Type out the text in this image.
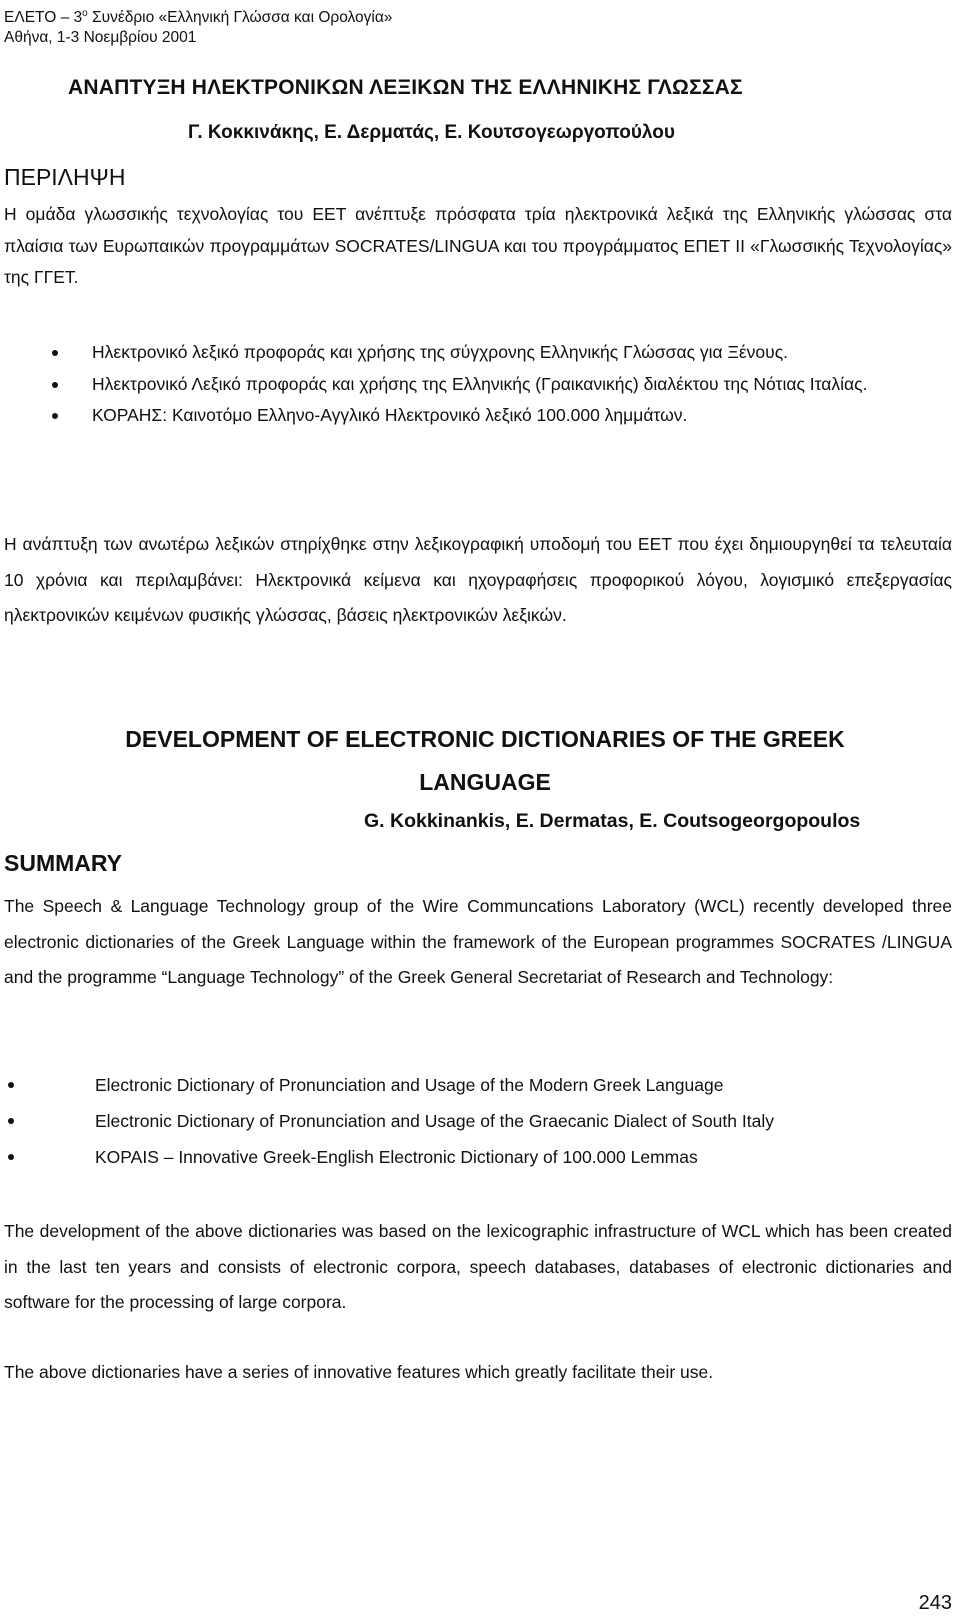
ΕΛΕΤΟ – $3^o$ Συνέδριο «Ελληνική Γλώσσα και Ορολογία»
Αθήνα, 1-3 Νοεμβρίου 2001
ΑΝΑΠΤΥΞΗ ΗΛΕΚΤΡΟΝΙΚΩΝ ΛΕΞΙΚΩΝ ΤΗΣ ΕΛΛΗΝΙΚΗΣ ΓΛΩΣΣΑΣ
Γ. Κοκκινάκης, Ε. Δερματάς, Ε. Κουτσογεωργοπούλου
ΠΕΡΙΛΗΨΗ
Η ομάδα γλωσσικής τεχνολογίας του ΕΕΤ ανέπτυξε πρόσφατα τρία ηλεκτρονικά λεξικά της Ελληνικής γλώσσας στα πλαίσια των Ευρωπαικών προγραμμάτων SOCRATES/LINGUA και του προγράμματος ΕΠΕΤ ΙΙ «Γλωσσικής Τεχνολογίας» της ΓΓΕΤ.
Ηλεκτρονικό λεξικό προφοράς και χρήσης της σύγχρονης Ελληνικής Γλώσσας για Ξένους.
Ηλεκτρονικό Λεξικό προφοράς και χρήσης της Ελληνικής (Γραικανικής) διαλέκτου της Νότιας Ιταλίας.
ΚΟΡΑΗΣ: Καινοτόμο Ελληνο-Αγγλικό Ηλεκτρονικό λεξικό 100.000 λημμάτων.
Η ανάπτυξη των ανωτέρω λεξικών στηρίχθηκε στην λεξικογραφική υποδομή του ΕΕΤ που έχει δημιουργηθεί τα τελευταία 10 χρόνια και περιλαμβάνει: Ηλεκτρονικά κείμενα και ηχογραφήσεις προφορικού λόγου, λογισμικό επεξεργασίας ηλεκτρονικών κειμένων φυσικής γλώσσας, βάσεις ηλεκτρονικών λεξικών.
DEVELOPMENT OF ELECTRONIC DICTIONARIES OF THE GREEK LANGUAGE
G. Kokkinankis, E. Dermatas, E. Coutsogeorgopoulos
SUMMARY
The Speech & Language Technology group of the Wire Communcations Laboratory (WCL) recently developed three electronic dictionaries of the Greek Language within the framework of the European programmes SOCRATES /LINGUA and the programme “Language Technology” of the Greek General Secretariat of Research and Technology:
Electronic Dictionary of Pronunciation and Usage of the Modern Greek Language
Electronic Dictionary of Pronunciation and Usage of the Graecanic Dialect of South Italy
KOPAIS – Innovative Greek-English Electronic Dictionary of 100.000 Lemmas
The development of the above dictionaries was based on the lexicographic infrastructure of WCL which has been created in the last ten years and consists of electronic corpora, speech databases, databases of electronic dictionaries and software for the processing of large corpora.
The above dictionaries have a series of innovative features which greatly facilitate their use.
243
